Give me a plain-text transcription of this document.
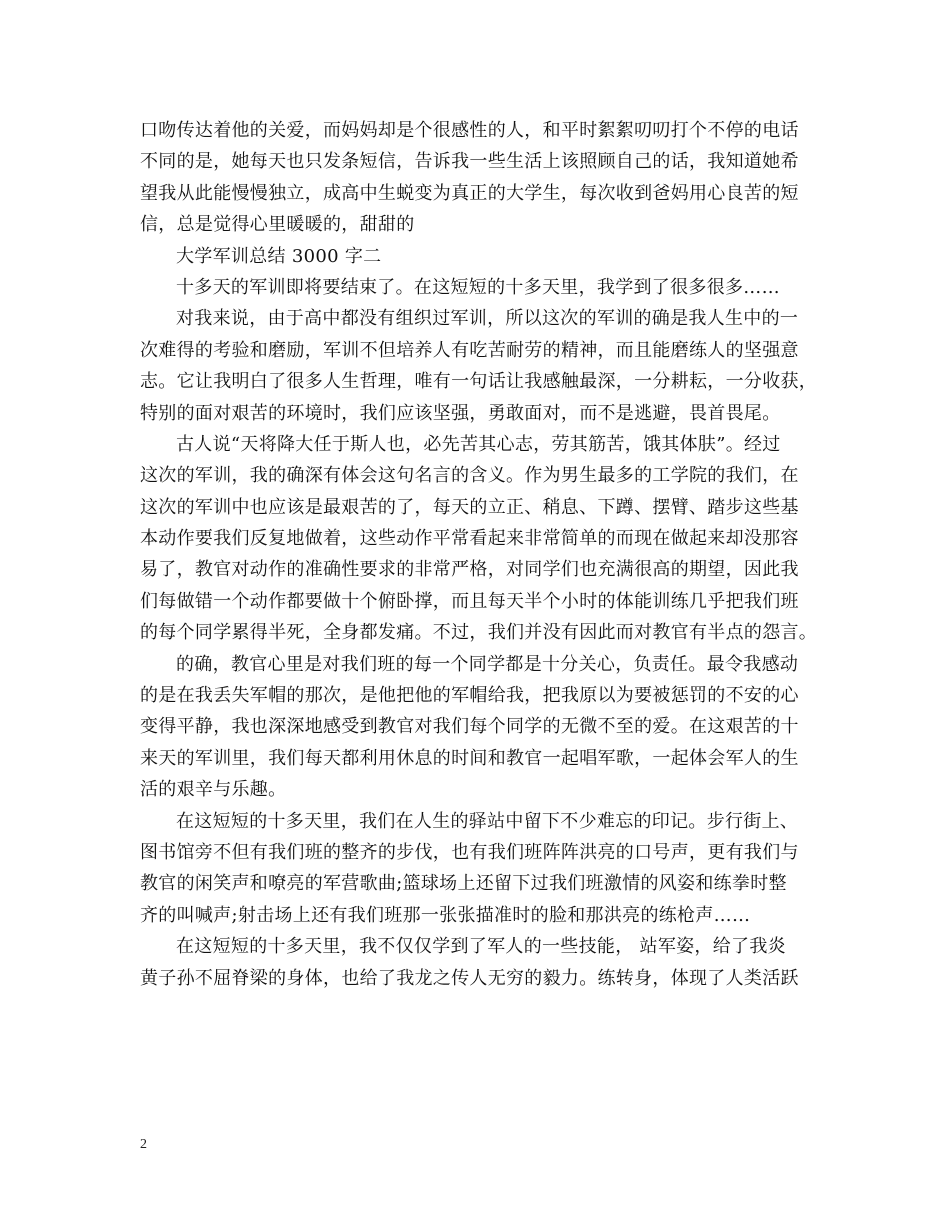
口吻传达着他的关爱，而妈妈却是个很感性的人，和平时絮絮叨叨打个不停的电话
不同的是，她每天也只发条短信，告诉我一些生活上该照顾自己的话，我知道她希
望我从此能慢慢独立，成高中生蜕变为真正的大学生，每次收到爸妈用心良苦的短
信，总是觉得心里暖暖的，甜甜的

大学军训总结 3000 字二

十多天的军训即将要结束了。在这短短的十多天里，我学到了很多很多……

对我来说，由于高中都没有组织过军训，所以这次的军训的确是我人生中的一
次难得的考验和磨励，军训不但培养人有吃苦耐劳的精神，而且能磨练人的坚强意
志。它让我明白了很多人生哲理，唯有一句话让我感触最深，一分耕耘，一分收获，
特别的面对艰苦的环境时，我们应该坚强，勇敢面对，而不是逃避，畏首畏尾。

古人说“天将降大任于斯人也，必先苦其心志，劳其筋苦，饿其体肤”。经过
这次的军训，我的确深有体会这句名言的含义。作为男生最多的工学院的我们，在
这次的军训中也应该是最艰苦的了，每天的立正、稍息、下蹲、摆臂、踏步这些基
本动作要我们反复地做着，这些动作平常看起来非常简单的而现在做起来却没那容
易了，教官对动作的准确性要求的非常严格，对同学们也充满很高的期望，因此我
们每做错一个动作都要做十个俯卧撑，而且每天半个小时的体能训练几乎把我们班
的每个同学累得半死，全身都发痛。不过，我们并没有因此而对教官有半点的怨言。

的确，教官心里是对我们班的每一个同学都是十分关心，负责任。最令我感动
的是在我丢失军帽的那次，是他把他的军帽给我，把我原以为要被惩罚的不安的心
变得平静，我也深深地感受到教官对我们每个同学的无微不至的爱。在这艰苦的十
来天的军训里，我们每天都利用休息的时间和教官一起唱军歌，一起体会军人的生
活的艰辛与乐趣。

在这短短的十多天里，我们在人生的驿站中留下不少难忘的印记。步行街上、
图书馆旁不但有我们班的整齐的步伐，也有我们班阵阵洪亮的口号声，更有我们与
教官的闲笑声和嘹亮的军营歌曲;篮球场上还留下过我们班激情的风姿和练拳时整
齐的叫喊声;射击场上还有我们班那一张张描准时的脸和那洪亮的练枪声……

在这短短的十多天里，我不仅仅学到了军人的一些技能， 站军姿，给了我炎
黄子孙不屈脊梁的身体，也给了我龙之传人无穷的毅力。练转身，体现了人类活跃

2
